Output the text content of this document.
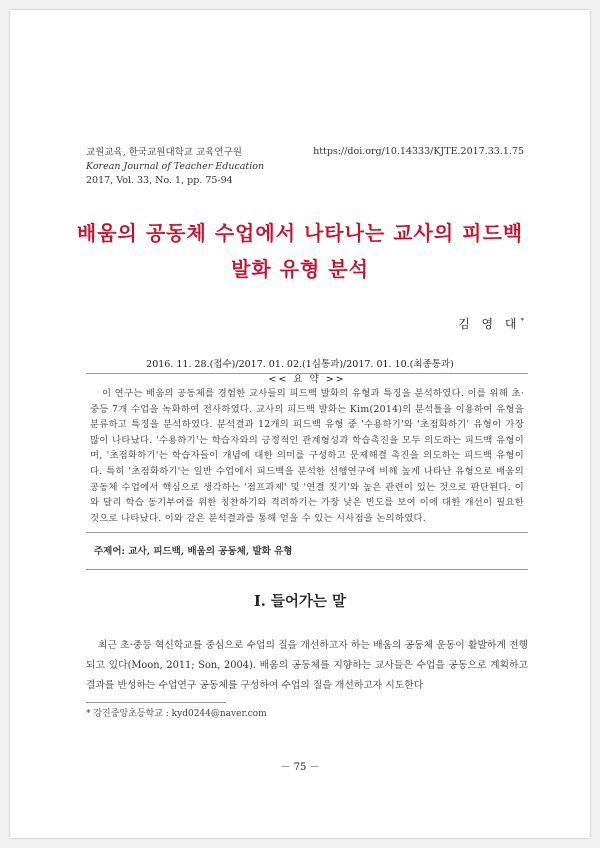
교원교육, 한국교원대학교 교육연구원
Korean Journal of Teacher Education
2017, Vol. 33, No. 1, pp. 75-94
https://doi.org/10.14333/KJTE.2017.33.1.75
배움의 공동체 수업에서 나타나는 교사의 피드백
발화 유형 분석
김 영 대*
2016. 11. 28.(접수)/2017. 01. 02.(1심통과)/2017. 01. 10.(최종통과)
<< 요 약 >>
이 연구는 배움의 공동체를 경험한 교사들의 피드백 발화의 유형과 특징을 분석하였다. 이를 위해 초·중등 7개 수업을 녹화하여 전사하였다. 교사의 피드백 발화는 Kim(2014)의 분석틀을 이용하여 유형을 분류하고 특징을 분석하였다. 분석결과 12개의 피드백 유형 중 '수용하기'와 '초점화하기' 유형이 가장 많이 나타났다. '수용하기'는 학습자와의 긍정적인 관계형성과 학습촉진을 모두 의도하는 피드백 유형이며, '초점화하기'는 학습자들이 개념에 대한 의미를 구성하고 문제해결 촉진을 의도하는 피드백 유형이다. 특히 '초점화하기'는 일반 수업에서 피드백을 분석한 선행연구에 비해 높게 나타난 유형으로 배움의 공동체 수업에서 핵심으로 생각하는 '점프과제' 및 '연결 짓기'와 높은 관련이 있는 것으로 판단된다. 이와 달리 학습 동기부여를 위한 칭찬하기와 격려하기는 가장 낮은 빈도를 보여 이에 대한 개선이 필요한 것으로 나타났다. 이와 같은 분석결과를 통해 얻을 수 있는 시사점을 논의하였다.
주제어: 교사, 피드백, 배움의 공동체, 발화 유형
Ⅰ. 들어가는 말
최근 초·중등 혁신학교를 중심으로 수업의 질을 개선하고자 하는 배움의 공동체 운동이 활발하게 전행되고 있다(Moon, 2011; Son, 2004). 배움의 공동체를 지향하는 교사들은 수업을 공동으로 계획하고 결과를 반성하는 수업연구 공동체를 구성하여 수업의 질을 개선하고자 시도한다
* 강진중앙초등학교 : kyd0244@naver.com
－ 75 －
